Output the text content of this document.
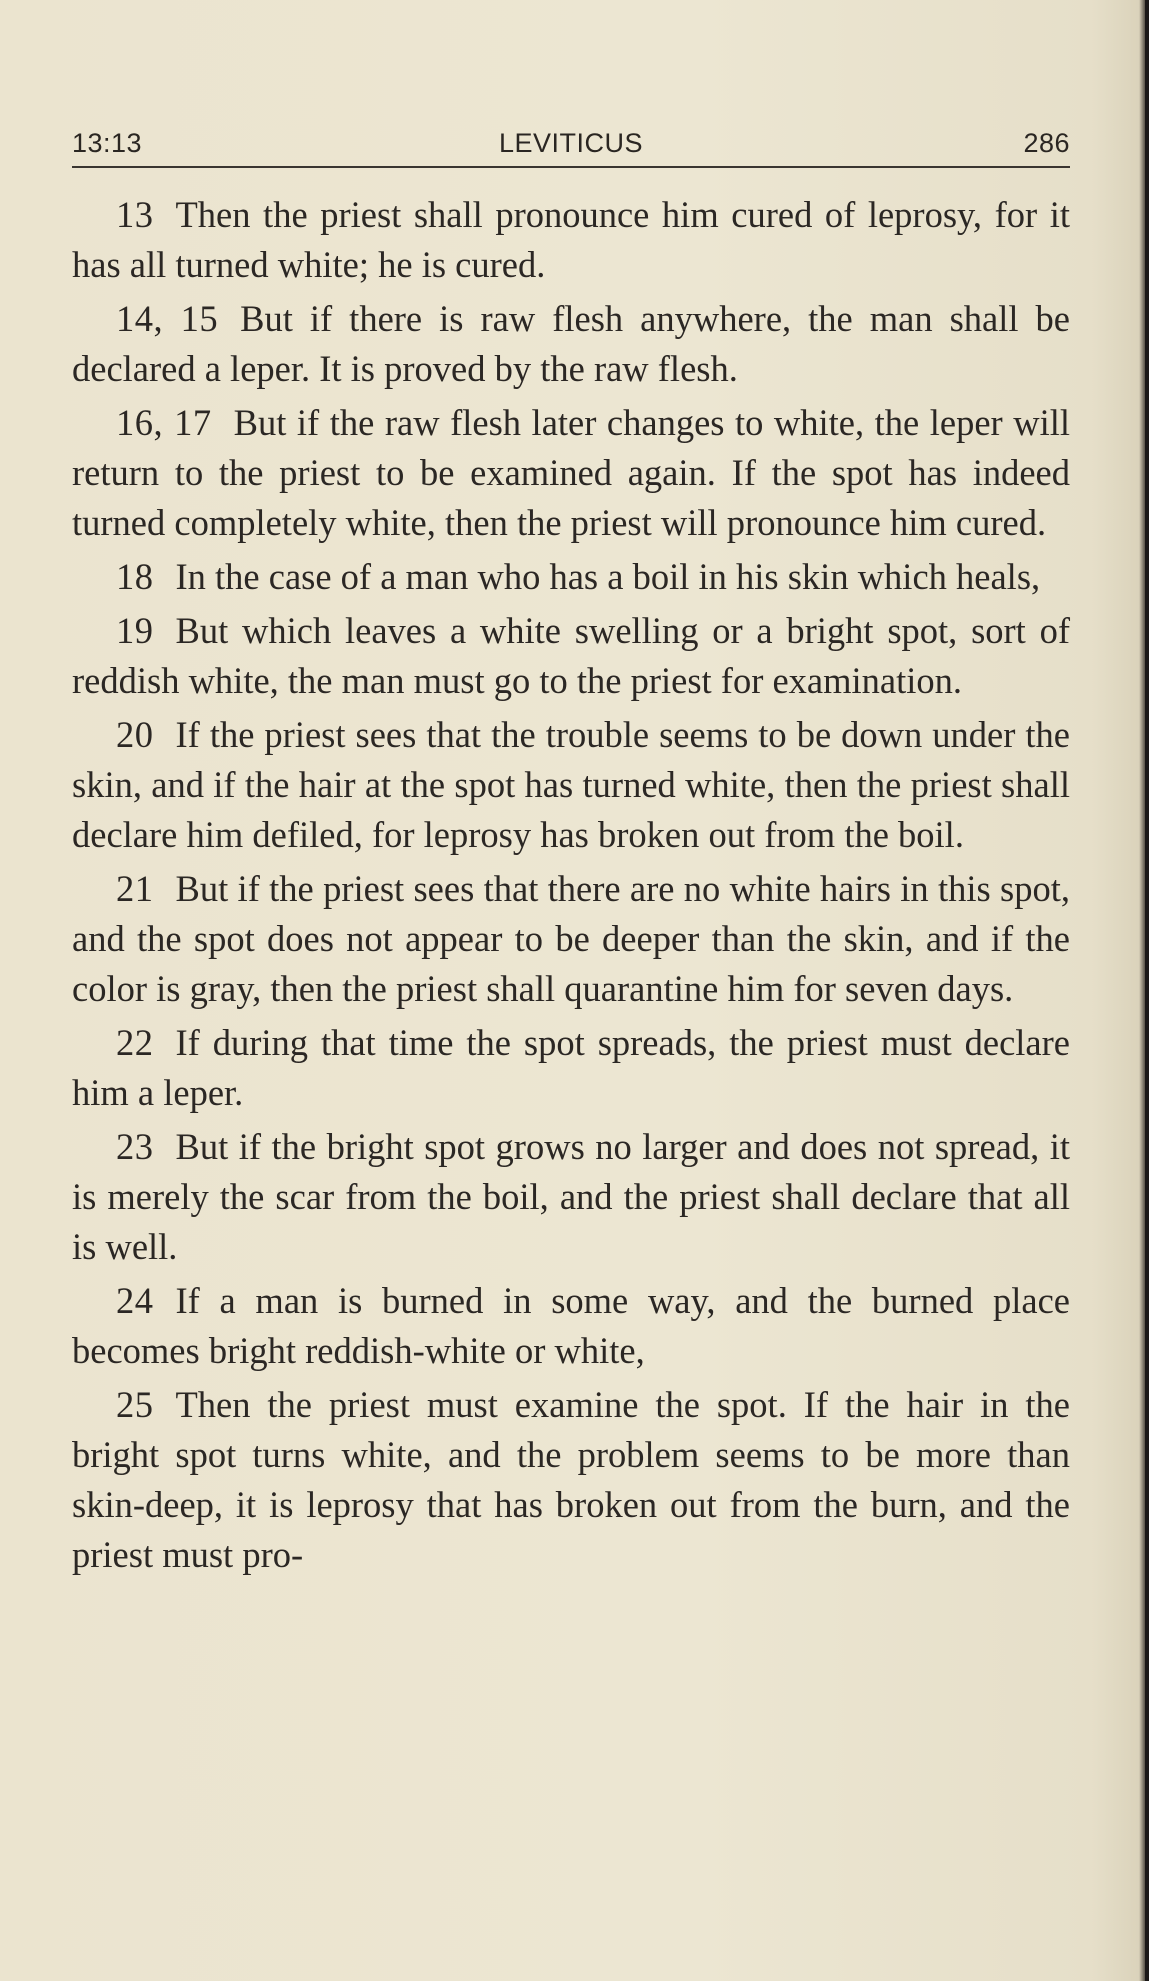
13:13	LEVITICUS	286

13 Then the priest shall pronounce him cured of leprosy, for it has all turned white; he is cured.

14, 15 But if there is raw flesh anywhere, the man shall be declared a leper. It is proved by the raw flesh.

16, 17 But if the raw flesh later changes to white, the leper will return to the priest to be examined again. If the spot has indeed turned completely white, then the priest will pronounce him cured.

18 In the case of a man who has a boil in his skin which heals,

19 But which leaves a white swelling or a bright spot, sort of reddish white, the man must go to the priest for examination.

20 If the priest sees that the trouble seems to be down under the skin, and if the hair at the spot has turned white, then the priest shall declare him defiled, for leprosy has broken out from the boil.

21 But if the priest sees that there are no white hairs in this spot, and the spot does not appear to be deeper than the skin, and if the color is gray, then the priest shall quarantine him for seven days.

22 If during that time the spot spreads, the priest must declare him a leper.

23 But if the bright spot grows no larger and does not spread, it is merely the scar from the boil, and the priest shall declare that all is well.

24 If a man is burned in some way, and the burned place becomes bright reddish-white or white,

25 Then the priest must examine the spot. If the hair in the bright spot turns white, and the problem seems to be more than skin-deep, it is leprosy that has broken out from the burn, and the priest must pro-
